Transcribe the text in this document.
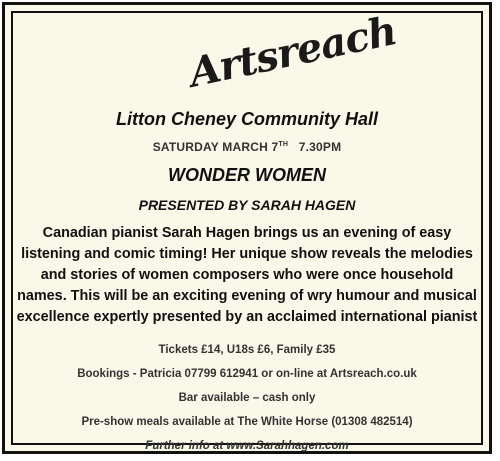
Artsreach
Litton Cheney Community Hall
SATURDAY MARCH 7TH 7.30PM
WONDER WOMEN
PRESENTED BY SARAH HAGEN
Canadian pianist Sarah Hagen brings us an evening of easy
listening and comic timing! Her unique show reveals the melodies
and stories of women composers who were once household
names. This will be an exciting evening of wry humour and musical
excellence expertly presented by an acclaimed international pianist
Tickets £14, U18s £6, Family £35
Bookings - Patricia 07799 612941 or on-line at Artsreach.co.uk
Bar available – cash only
Pre-show meals available at The White Horse (01308 482514)
Further info at www.Sarahhagen.com
